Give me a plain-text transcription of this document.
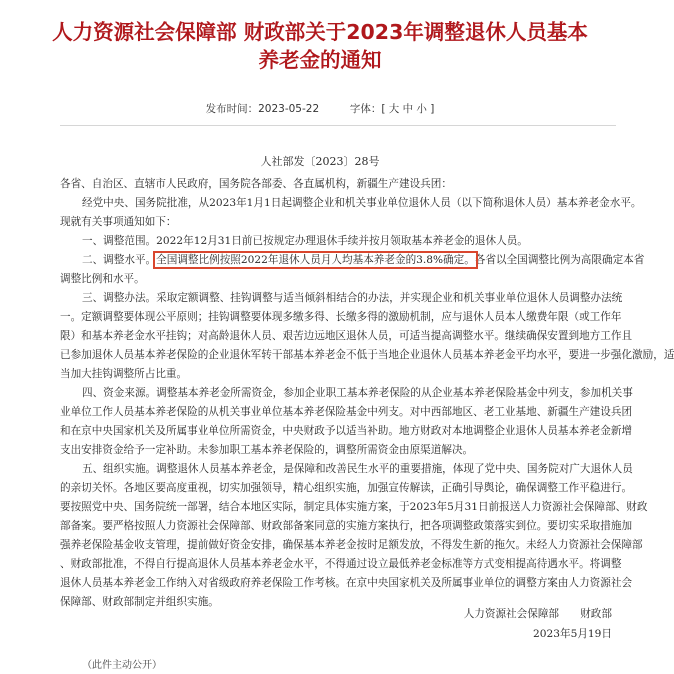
人力资源社会保障部 财政部关于2023年调整退休人员基本
养老金的通知
发布时间：2023-05-22	字体：[ 大 中 小 ]
人社部发〔2023〕28号
各省、自治区、直辖市人民政府，国务院各部委、各直属机构，新疆生产建设兵团：
经党中央、国务院批准，从2023年1月1日起调整企业和机关事业单位退休人员（以下简称退休人员）基本养老金水平。
现就有关事项通知如下：
一、调整范围。2022年12月31日前已按规定办理退休手续并按月领取基本养老金的退休人员。
二、调整水平。全国调整比例按照2022年退休人员月人均基本养老金的3.8%确定。各省以全国调整比例为高限确定本省
调整比例和水平。
三、调整办法。采取定额调整、挂钩调整与适当倾斜相结合的办法，并实现企业和机关事业单位退休人员调整办法统
一。定额调整要体现公平原则；挂钩调整要体现多缴多得、长缴多得的激励机制，应与退休人员本人缴费年限（或工作年
限）和基本养老金水平挂钩；对高龄退休人员、艰苦边远地区退休人员，可适当提高调整水平。继续确保安置到地方工作且
已参加退休人员基本养老保险的企业退休军转干部基本养老金不低于当地企业退休人员基本养老金平均水平，要进一步强化激励，适
当加大挂钩调整所占比重。
四、资金来源。调整基本养老金所需资金，参加企业职工基本养老保险的从企业基本养老保险基金中列支，参加机关事
业单位工作人员基本养老保险的从机关事业单位基本养老保险基金中列支。对中西部地区、老工业基地、新疆生产建设兵团
和在京中央国家机关及所属事业单位所需资金，中央财政予以适当补助。地方财政对本地调整企业退休人员基本养老金新增
支出安排资金给予一定补助。未参加职工基本养老保险的，调整所需资金由原渠道解决。
五、组织实施。调整退休人员基本养老金，是保障和改善民生水平的重要措施，体现了党中央、国务院对广大退休人员
的亲切关怀。各地区要高度重视，切实加强领导，精心组织实施，加强宣传解读，正确引导舆论，确保调整工作平稳进行。
要按照党中央、国务院统一部署，结合本地区实际，制定具体实施方案，于2023年5月31日前报送人力资源社会保障部、财政
部备案。要严格按照人力资源社会保障部、财政部备案同意的实施方案执行，把各项调整政策落实到位。要切实采取措施加
强养老保险基金收支管理，提前做好资金安排，确保基本养老金按时足额发放，不得发生新的拖欠。未经人力资源社会保障部
、财政部批准，不得自行提高退休人员基本养老金水平，不得通过设立最低养老金标准等方式变相提高待遇水平。将调整
退休人员基本养老金工作纳入对省级政府养老保险工作考核。在京中央国家机关及所属事业单位的调整方案由人力资源社会
保障部、财政部制定并组织实施。
人力资源社会保障部　　财政部
2023年5月19日
（此件主动公开）
